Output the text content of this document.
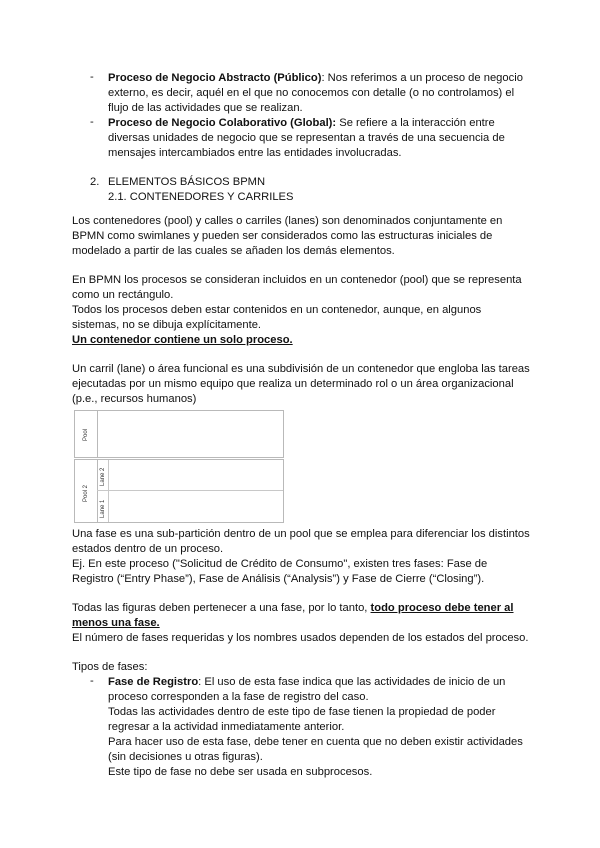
- Proceso de Negocio Abstracto (Público): Nos referimos a un proceso de negocio

externo, es decir, aquél en el que no conocemos con detalle (o no controlamos) el

flujo de las actividades que se realizan.

- Proceso de Negocio Colaborativo (Global): Se refiere a la interacción entre

diversas unidades de negocio que se representan a través de una secuencia de

mensajes intercambiados entre las entidades involucradas.

2. ELEMENTOS BÁSICOS BPMN
2.1. CONTENEDORES Y CARRILES

Los contenedores (pool) y calles o carriles (lanes) son denominados conjuntamente en

BPMN como swimlanes y pueden ser considerados como las estructuras iniciales de

modelado a partir de las cuales se añaden los demás elementos.

En BPMN los procesos se consideran incluidos en un contenedor (pool) que se representa

como un rectángulo.

Todos los procesos deben estar contenidos en un contenedor, aunque, en algunos

sistemas, no se dibuja explícitamente.

Un contenedor contiene un solo proceso.

Un carril (lane) o área funcional es una subdivisión de un contenedor que engloba las tareas

ejecutadas por un mismo equipo que realiza un determinado rol o un área organizacional

(p.e., recursos humanos)

Pool
Pool 2
Lane 1
Lane 2

Una fase es una sub-partición dentro de un pool que se emplea para diferenciar los distintos

estados dentro de un proceso.

Ej. En este proceso ("Solicitud de Crédito de Consumo", existen tres fases: Fase de

Registro (“Entry Phase”), Fase de Análisis (“Analysis”) y Fase de Cierre (“Closing”).

Todas las figuras deben pertenecer a una fase, por lo tanto, todo proceso debe tener al

menos una fase.

El número de fases requeridas y los nombres usados dependen de los estados del proceso.

Tipos de fases:

- Fase de Registro: El uso de esta fase indica que las actividades de inicio de un

proceso corresponden a la fase de registro del caso.

Todas las actividades dentro de este tipo de fase tienen la propiedad de poder

regresar a la actividad inmediatamente anterior.

Para hacer uso de esta fase, debe tener en cuenta que no deben existir actividades

(sin decisiones u otras figuras).

Este tipo de fase no debe ser usada en subprocesos.
